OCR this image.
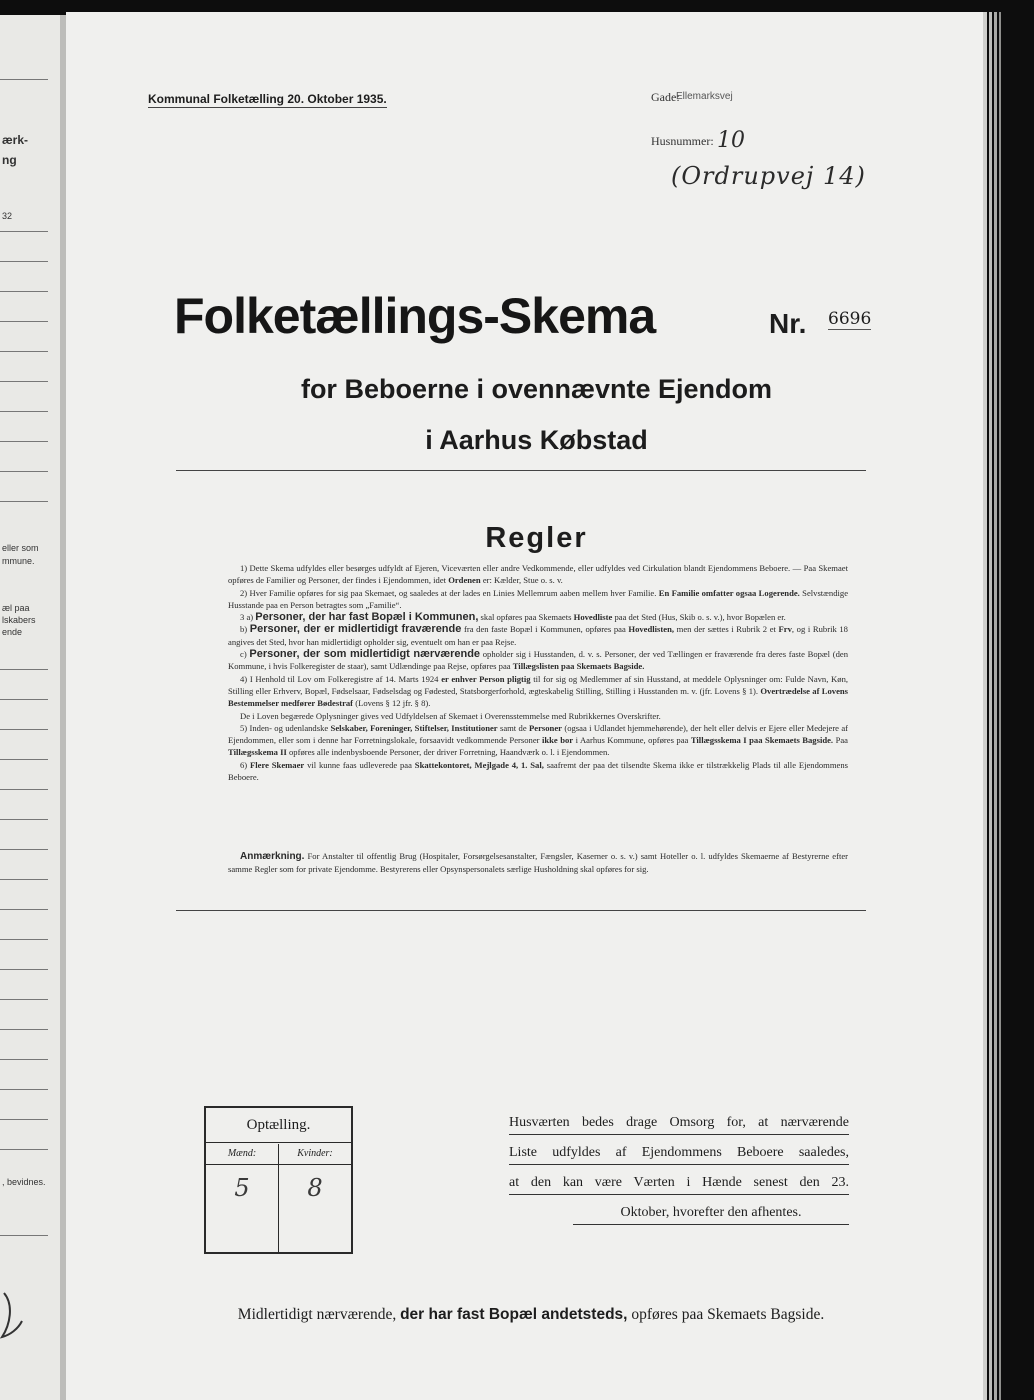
ærk-
ng
32
eller som
mmune.
æl paa
lskabers
ende
, bevidnes.
Kommunal Folketælling 20. Oktober 1935.	Gade:
Ellemarksvej
Husnummer: 10
(Ordrupvej 14)
Folketællings-Skema	Nr. 6696
for Beboerne i ovennævnte Ejendom
i Aarhus Købstad
Regler

1) Dette Skema udfyldes eller besørges udfyldt af Ejeren, Viceværten eller andre Vedkommende, eller udfyldes ved Cirkulation blandt Ejendommens Beboere. — Paa Skemaet opføres de Familier og Personer, der findes i Ejendommen, idet Ordenen er: Kælder, Stue o. s. v.

2) Hver Familie opføres for sig paa Skemaet, og saaledes at der lades en Linies Mellemrum aaben mellem hver Familie. En Familie omfatter ogsaa Logerende. Selvstændige Husstande paa en Person betragtes som „Familie“.

3 a) Personer, der har fast Bopæl i Kommunen, skal opføres paa Skemaets Hovedliste paa det Sted (Hus, Skib o. s. v.), hvor Bopælen er.

b) Personer, der er midlertidigt fraværende fra den faste Bopæl i Kommunen, opføres paa Hovedlisten, men der sættes i Rubrik 2 et Frv, og i Rubrik 18 angives det Sted, hvor han midlertidigt opholder sig, eventuelt om han er paa Rejse.

c) Personer, der som midlertidigt nærværende opholder sig i Husstanden, d. v. s. Personer, der ved Tællingen er fraværende fra deres faste Bopæl (den Kommune, i hvis Folkeregister de staar), samt Udlændinge paa Rejse, opføres paa Tillægslisten paa Skemaets Bagside.

4) I Henhold til Lov om Folkeregistre af 14. Marts 1924 er enhver Person pligtig til for sig og Medlemmer af sin Husstand, at meddele Oplysninger om: Fulde Navn, Køn, Stilling eller Erhverv, Bopæl, Fødselsaar, Fødselsdag og Fødested, Statsborgerforhold, ægteskabelig Stilling, Stilling i Husstanden m. v. (jfr. Lovens § 1). Overtrædelse af Lovens Bestemmelser medfører Bødestraf (Lovens § 12 jfr. § 8).

De i Loven begærede Oplysninger gives ved Udfyldelsen af Skemaet i Overensstemmelse med Rubrikkernes Overskrifter.

5) Inden- og udenlandske Selskaber, Foreninger, Stiftelser, Institutioner samt de Personer (ogsaa i Udlandet hjemmehørende), der helt eller delvis er Ejere eller Medejere af Ejendommen, eller som i denne har Forretningslokale, forsaavidt vedkommende Personer ikke bor i Aarhus Kommune, opføres paa Tillægsskema I paa Skemaets Bagside. Paa Tillægsskema II opføres alle indenbysboende Personer, der driver Forretning, Haandværk o. l. i Ejendommen.

6) Flere Skemaer vil kunne faas udleverede paa Skattekontoret, Mejlgade 4, 1. Sal, saafremt der paa det tilsendte Skema ikke er tilstrækkelig Plads til alle Ejendommens Beboere.

Anmærkning. For Anstalter til offentlig Brug (Hospitaler, Forsørgelsesanstalter, Fængsler, Kaserner o. s. v.) samt Hoteller o. l. udfyldes Skemaerne af Bestyrerne efter samme Regler som for private Ejendomme. Bestyrerens eller Opsynspersonalets særlige Husholdning skal opføres for sig.

Optælling.
Mænd:
5
Kvinder:
8
Husværten bedes drage Omsorg for, at nærværende
Liste udfyldes af Ejendommens Beboere saaledes,
at den kan være Værten i Hænde senest den 23.
Oktober, hvorefter den afhentes.
Midlertidigt nærværende, der har fast Bopæl andetsteds, opføres paa Skemaets Bagside.
